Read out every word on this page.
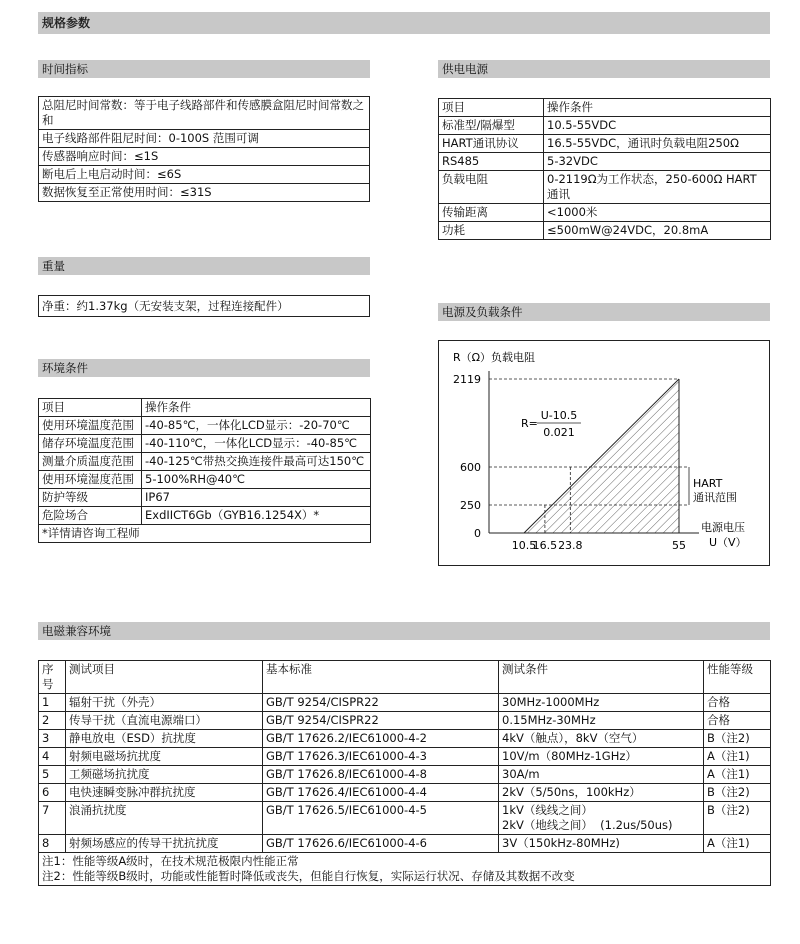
规格参数
时间指标
总阻尼时间常数：等于电子线路部件和传感膜盒阻尼时间常数之和
电子线路部件阻尼时间：0-100S 范围可调
传感器响应时间：≤1S
断电后上电启动时间：≤6S
数据恢复至正常使用时间：≤31S
重量
净重：约1.37kg（无安装支架，过程连接配件）
环境条件
项目	操作条件
使用环境温度范围	-40-85℃，一体化LCD显示：-20-70℃
储存环境温度范围	-40-110℃，一体化LCD显示：-40-85℃
测量介质温度范围	-40-125℃带热交换连接件最高可达150℃
使用环境湿度范围	5-100%RH@40℃
防护等级	IP67
危险场合	ExdIICT6Gb（GYB16.1254X）*
*详情请咨询工程师	
供电电源
项目	操作条件
标准型/隔爆型	10.5-55VDC
HART通讯协议	16.5-55VDC，通讯时负载电阻250Ω
RS485	5-32VDC
负载电阻	0-2119Ω为工作状态，250-600Ω HART通讯
传输距离	<1000米
功耗	≤500mW@24VDC，20.8mA
电源及负载条件
R（Ω）负载电阻
2119
600
250
0
10.5
16.5 23.8	55
电源电压
U（V）
HART
通讯范围
R=
U-10.5
0.021
电磁兼容环境
序号	测试项目	基本标准	测试条件	性能等级
1	辐射干扰（外壳）	GB/T 9254/CISPR22	30MHz-1000MHz	合格
2	传导干扰（直流电源端口）	GB/T 9254/CISPR22	0.15MHz-30MHz	合格
3	静电放电（ESD）抗扰度	GB/T 17626.2/IEC61000-4-2	4kV（触点），8kV（空气）	B（注2)
4	射频电磁场抗扰度	GB/T 17626.3/IEC61000-4-3	10V/m（80MHz-1GHz）	A（注1)
5	工频磁场抗扰度	GB/T 17626.8/IEC61000-4-8	30A/m	A（注1)
6	电快速瞬变脉冲群抗扰度	GB/T 17626.4/IEC61000-4-4	2kV（5/50ns，100kHz）	B（注2)
7	浪涌抗扰度	GB/T 17626.5/IEC61000-4-5	1kV（线线之间）
2kV（地线之间）  (1.2us/50us)	B（注2)
8	射频场感应的传导干扰抗扰度	GB/T 17626.6/IEC61000-4-6	3V（150kHz-80MHz)	A（注1)

注1：性能等级A级时，在技术规范极限内性能正常
注2：性能等级B级时，功能或性能暂时降低或丧失，但能自行恢复，实际运行状况、存储及其数据不改变				
